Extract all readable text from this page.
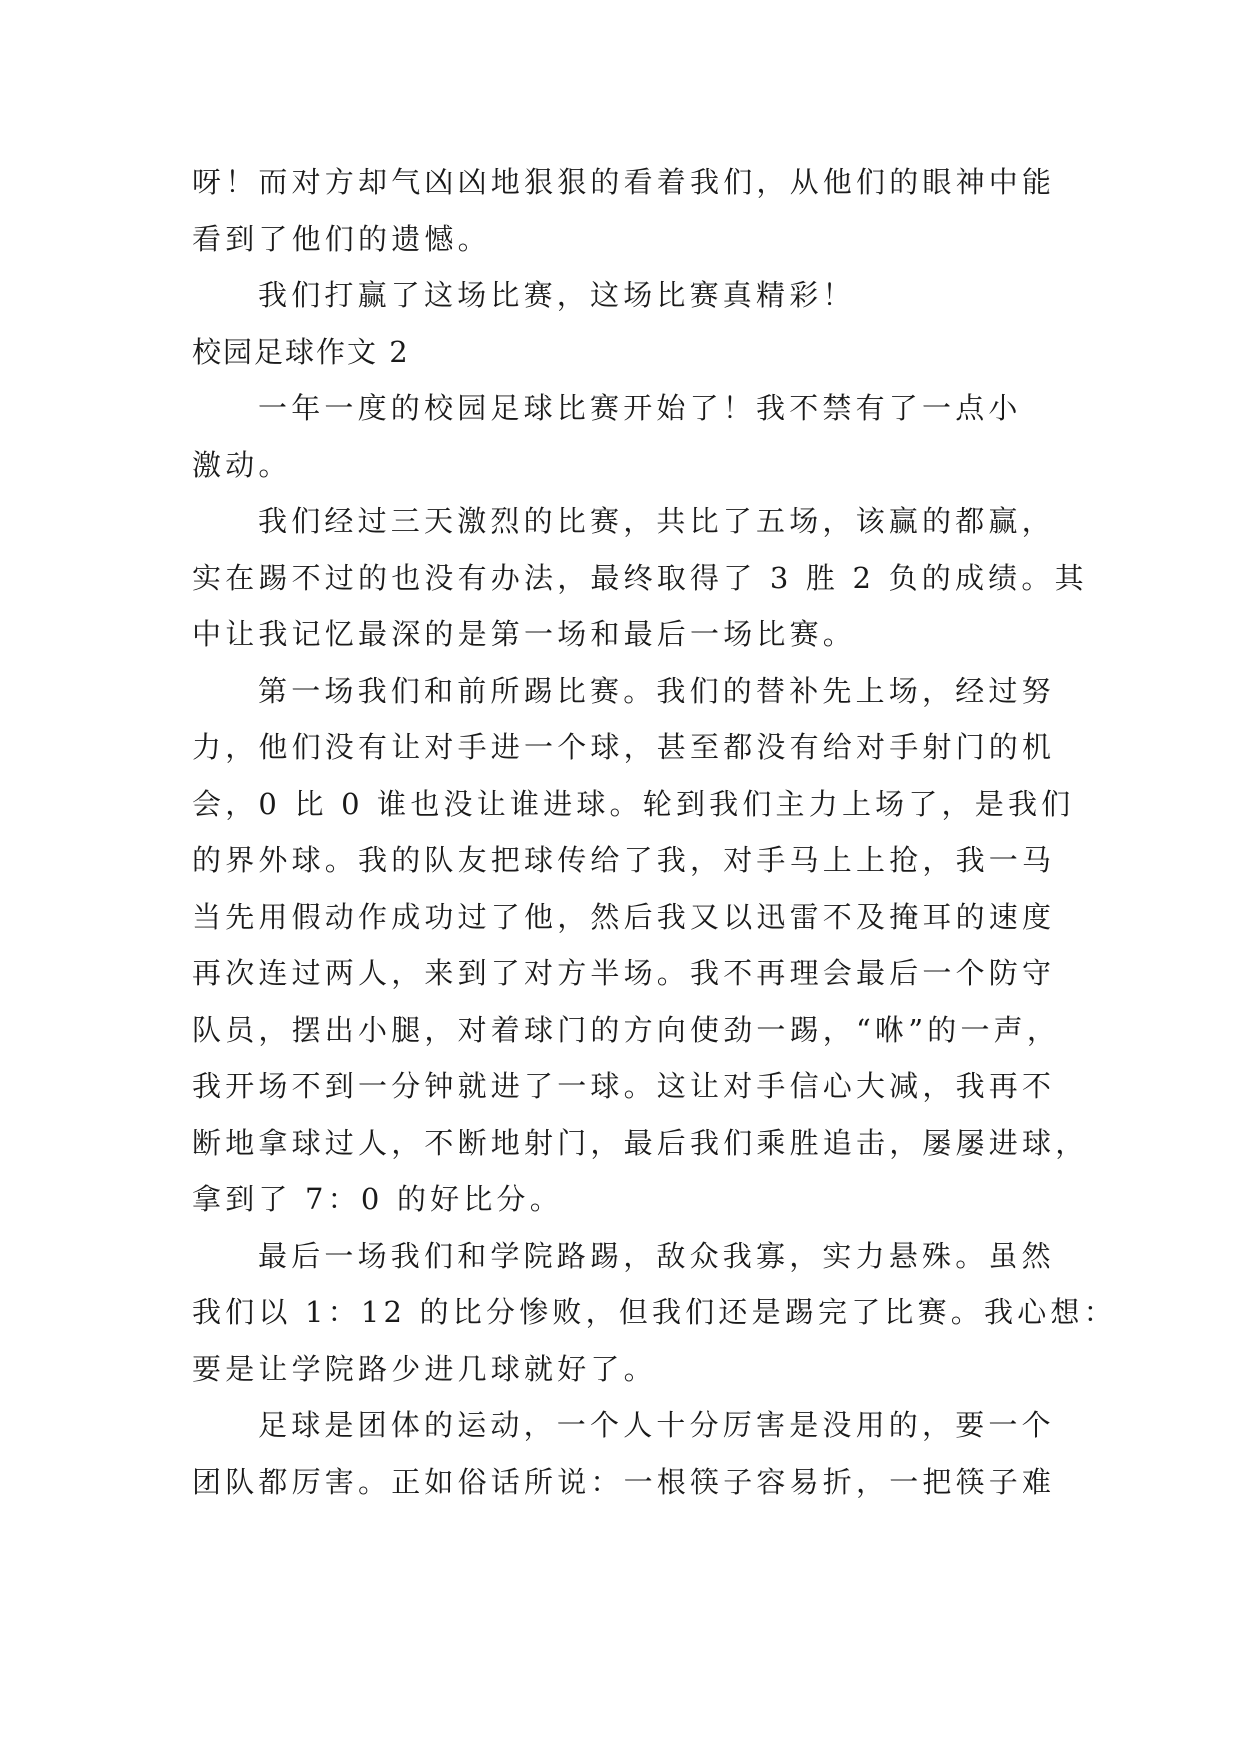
呀！而对方却气凶凶地狠狠的看着我们，从他们的眼神中能
看到了他们的遗憾。
我们打赢了这场比赛，这场比赛真精彩！
校园足球作文 2
一年一度的校园足球比赛开始了！我不禁有了一点小
激动。
我们经过三天激烈的比赛，共比了五场，该赢的都赢，
实在踢不过的也没有办法，最终取得了 3 胜 2 负的成绩。其
中让我记忆最深的是第一场和最后一场比赛。
第一场我们和前所踢比赛。我们的替补先上场，经过努
力，他们没有让对手进一个球，甚至都没有给对手射门的机
会，0 比 0 谁也没让谁进球。轮到我们主力上场了，是我们
的界外球。我的队友把球传给了我，对手马上上抢，我一马
当先用假动作成功过了他，然后我又以迅雷不及掩耳的速度
再次连过两人，来到了对方半场。我不再理会最后一个防守
队员，摆出小腿，对着球门的方向使劲一踢，“咻”的一声，
我开场不到一分钟就进了一球。这让对手信心大减，我再不
断地拿球过人，不断地射门，最后我们乘胜追击，屡屡进球，
拿到了 7：0 的好比分。
最后一场我们和学院路踢，敌众我寡，实力悬殊。虽然
我们以 1：12 的比分惨败，但我们还是踢完了比赛。我心想：
要是让学院路少进几球就好了。
足球是团体的运动，一个人十分厉害是没用的，要一个
团队都厉害。正如俗话所说：一根筷子容易折，一把筷子难
